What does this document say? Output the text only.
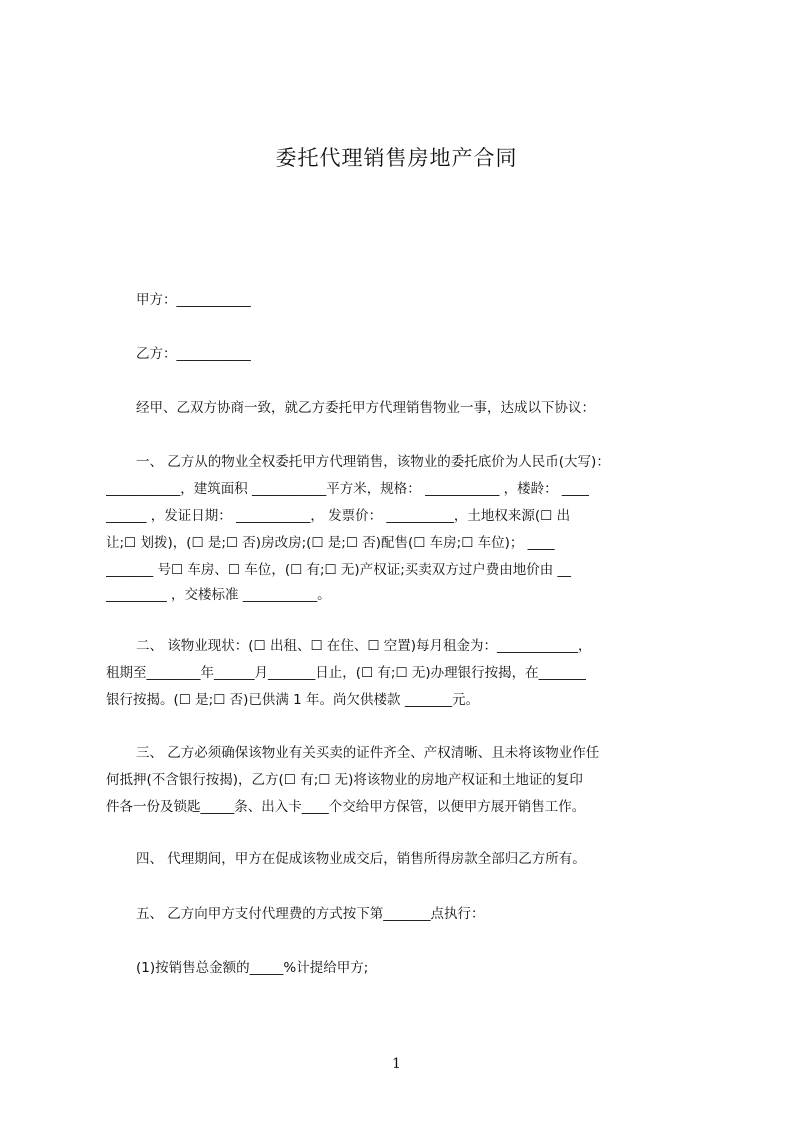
委托代理销售房地产合同
甲方：___________
乙方：___________
经甲、乙双方协商一致，就乙方委托甲方代理销售物业一事，达成以下协议：
一、 乙方从的物业全权委托甲方代理销售，该物业的委托底价为人民币(大写)：
___________，建筑面积 ___________平方米，规格： ___________ ，楼龄： ____
______ ，发证日期： ___________， 发票价： __________，土地权来源(☐ 出
让;☐ 划拨)，(☐ 是;☐ 否)房改房;(☐ 是;☐ 否)配售(☐ 车房;☐ 车位)； ____
_______ 号☐ 车房、☐ 车位，(☐ 有;☐ 无)产权证;买卖双方过户费由地价由 __
_________ ，交楼标准 ___________。
二、 该物业现状：(☐ 出租、☐ 在住、☐ 空置)每月租金为：____________，
租期至________年______月_______日止，(☐ 有;☐ 无)办理银行按揭，在_______
银行按揭。(☐ 是;☐ 否)已供满 1 年。尚欠供楼款 _______元。
三、 乙方必须确保该物业有关买卖的证件齐全、产权清晰、且未将该物业作任
何抵押(不含银行按揭)，乙方(☐ 有;☐ 无)将该物业的房地产权证和土地证的复印
件各一份及锁匙_____条、出入卡____个交给甲方保管，以便甲方展开销售工作。
四、 代理期间，甲方在促成该物业成交后，销售所得房款全部归乙方所有。
五、 乙方向甲方支付代理费的方式按下第_______点执行：
(1)按销售总金额的_____%计提给甲方;
1
